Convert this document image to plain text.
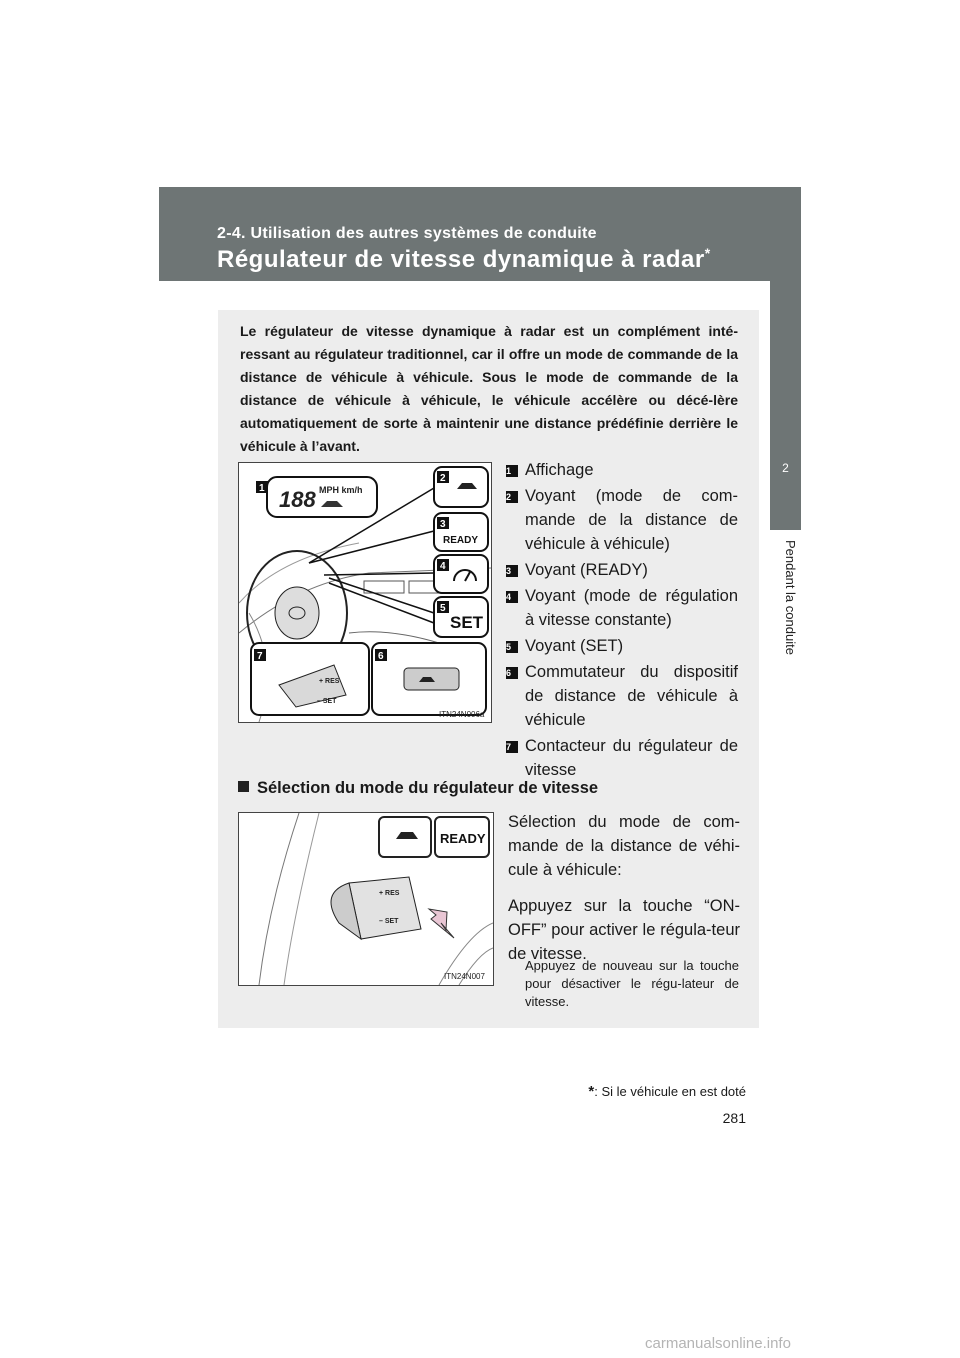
2-4. Utilisation des autres systèmes de conduite
Régulateur de vitesse dynamique à radar*
2
Pendant la conduite
Le régulateur de vitesse dynamique à radar est un complément inté-ressant au régulateur traditionnel, car il offre un mode de commande de la distance de véhicule à véhicule. Sous le mode de commande de la distance de véhicule à véhicule, le véhicule accélère ou décé-lère automatiquement de sorte à maintenir une distance prédéfinie derrière le véhicule à l’avant.
188 MPH km/h
READY
SET
+ RES
– SET
1
2
3
4
5
6
7
ITN24N006a
1 Affichage
2 Voyant (mode de com-mande de la distance de véhicule à véhicule)
3 Voyant (READY)
4 Voyant (mode de régulation à vitesse constante)
5 Voyant (SET)
6 Commutateur du dispositif de distance de véhicule à véhicule
7 Contacteur du régulateur de vitesse
Sélection du mode du régulateur de vitesse
READY
+ RES
– SET
ITN24N007

Sélection du mode de com-mande de la distance de véhi-cule à véhicule:

Appuyez sur la touche “ON-OFF” pour activer le régula-teur de vitesse.

Appuyez de nouveau sur la touche pour désactiver le régu-lateur de vitesse.
*: Si le véhicule en est doté
281
carmanualsonline.info
